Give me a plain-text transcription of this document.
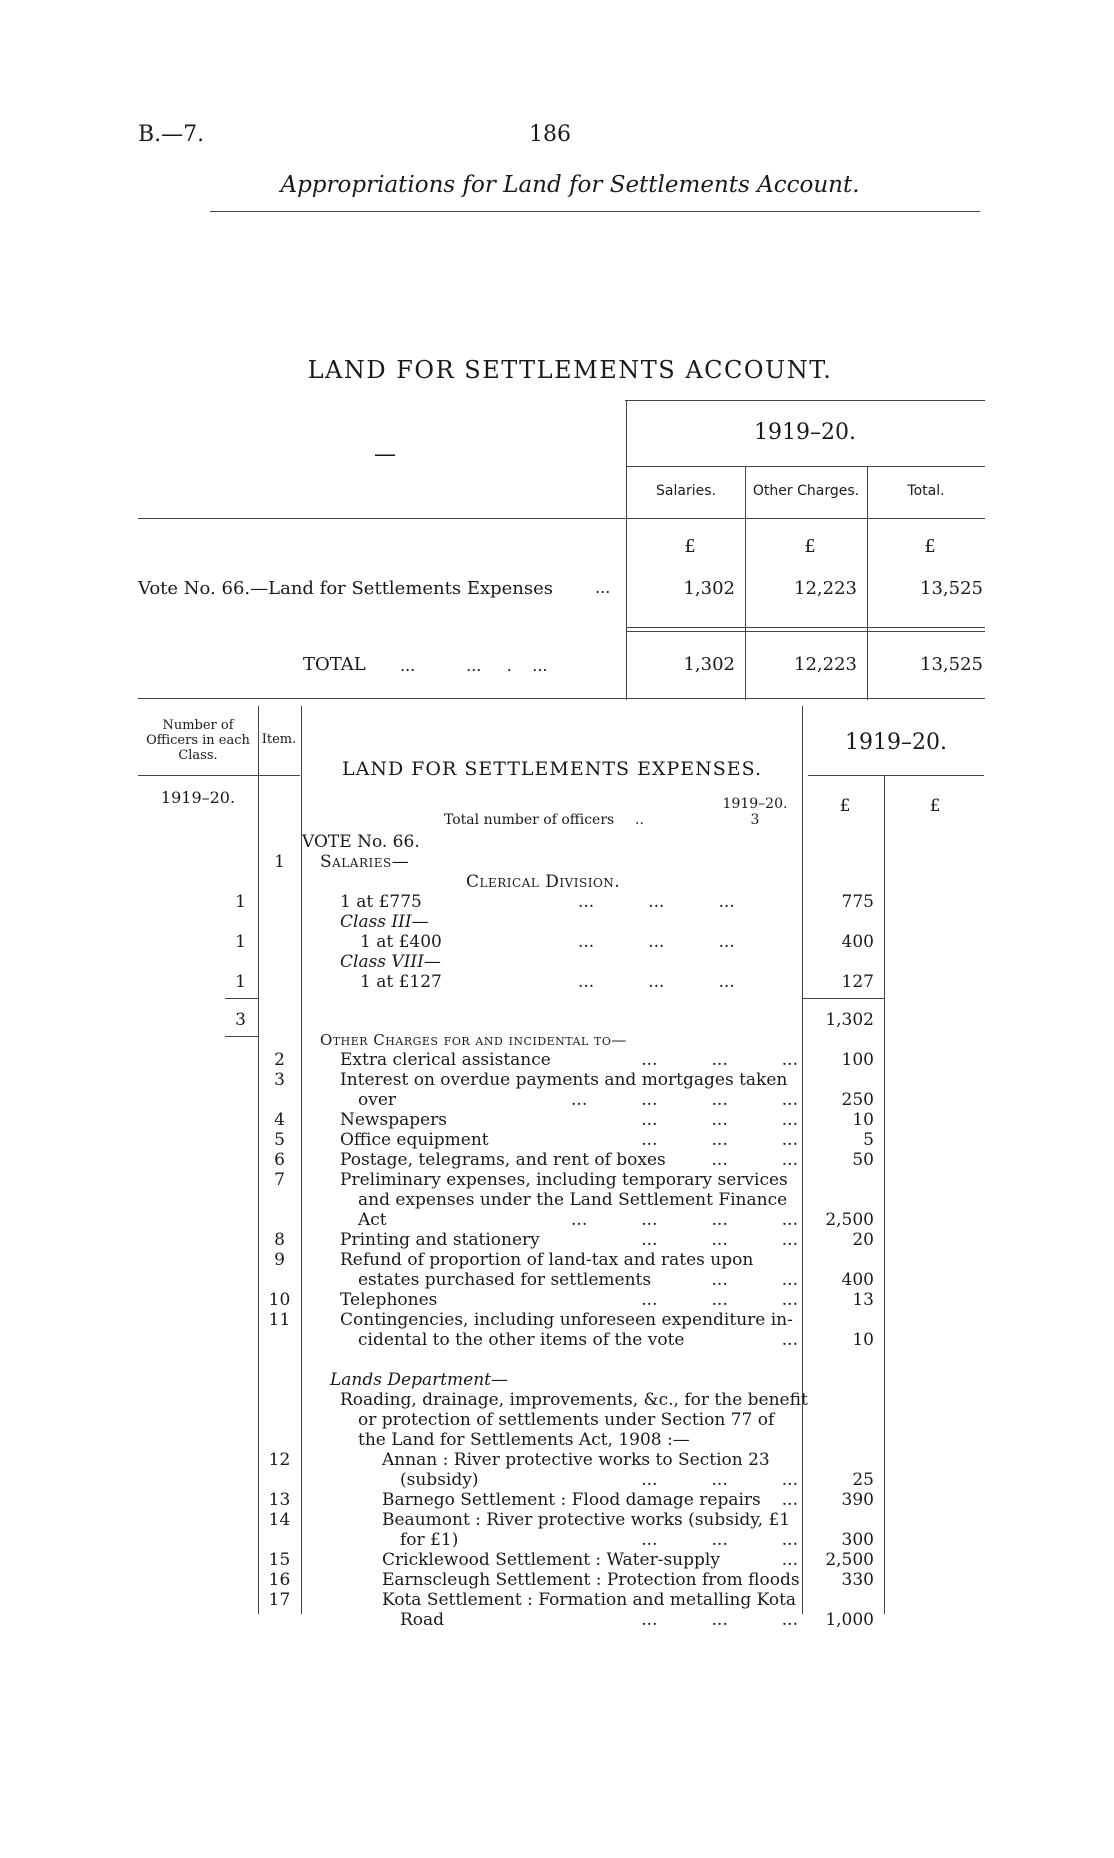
B.—7.	186
Appropriations for Land for Settlements Account.
LAND FOR SETTLEMENTS ACCOUNT.
—
1919–20.
Salaries.	Other Charges.	Total.
£	£	£
Vote No. 66.—Land for Settlements Expenses	...	1,302	12,223	13,525
TOTAL ...          ...     .    ...	1,302	12,223	13,525
Number of Officers in each Class.
Item.
LAND FOR SETTLEMENTS EXPENSES.
1919–20.
1919–20.	£	£
Total number of officers ..
1919–20.
3
VOTE No. 66.
1	Salaries—
Clerical Division.
1	1 at £775	...          ...          ...	775
Class III—
1	1 at £400	...          ...          ...	400
Class VIII—
1	1 at £127	...          ...          ...	127
3	1,302
Other Charges for and incidental to—
2	Extra clerical assistance	...          ...          ...	100
3	Interest on overdue payments and mortgages taken
over	...          ...          ...          ...	250
4	Newspapers	...          ...          ...	10
5	Office equipment	...          ...          ...	5
6	Postage, telegrams, and rent of boxes	...          ...	50
7	Preliminary expenses, including temporary services
and expenses under the Land Settlement Finance
Act	...          ...          ...          ...	2,500
8	Printing and stationery	...          ...          ...	20
9	Refund of proportion of land-tax and rates upon
estates purchased for settlements	...          ...	400
10	Telephones	...          ...          ...	13
11	Contingencies, including unforeseen expenditure in-
cidental to the other items of the vote	...	10
Lands Department—
Roading, drainage, improvements, &c., for the benefit
or protection of settlements under Section 77 of
the Land for Settlements Act, 1908 :—
12	Annan : River protective works to Section 23
(subsidy)	...          ...          ...	25
13	Barnego Settlement : Flood damage repairs	...	390
14	Beaumont : River protective works (subsidy, £1
for £1)	...          ...          ...	300
15	Cricklewood Settlement : Water-supply	...	2,500
16	Earnscleugh Settlement : Protection from floods	330
17	Kota Settlement : Formation and metalling Kota
Road	...          ...          ...	1,000
